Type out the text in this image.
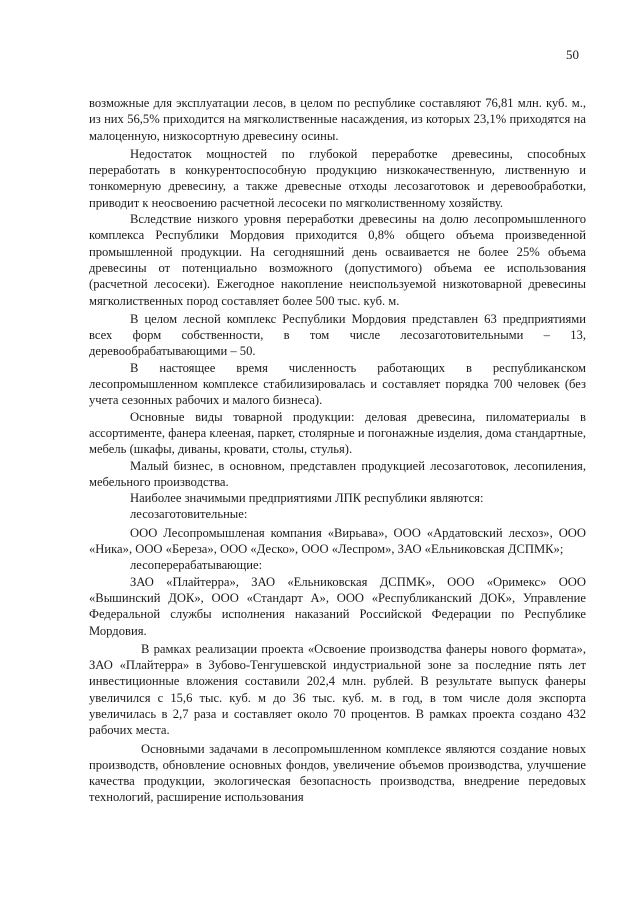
50

возможные для эксплуатации лесов, в целом по республике составляют 76,81 млн. куб. м., из них 56,5% приходится на мягколиственные насаждения, из которых 23,1% приходятся на малоценную, низкосортную древесину осины.

Недостаток мощностей по глубокой переработке древесины, способных переработать в конкурентоспособную продукцию низкокачественную, лиственную и тонкомерную древесину, а также древесные отходы лесозаготовок и деревообработки, приводит к неосвоению расчетной лесосеки по мягколиственному хозяйству.

Вследствие низкого уровня переработки древесины на долю лесопромышленного комплекса Республики Мордовия приходится 0,8% общего объема произведенной промышленной продукции. На сегодняшний день осваивается не более 25% объема древесины от потенциально возможного (допустимого) объема ее использования (расчетной лесосеки). Ежегодное накопление неиспользуемой низкотоварной древесины мягколиственных пород составляет более 500 тыс. куб. м.

В целом лесной комплекс Республики Мордовия представлен 63 предприятиями всех форм собственности, в том числе лесозаготовительными – 13, деревообрабатывающими – 50.

В настоящее время численность работающих в республиканском лесопромышленном комплексе стабилизировалась и составляет порядка 700 человек (без учета сезонных рабочих и малого бизнеса).

Основные виды товарной продукции: деловая древесина, пиломатериалы в ассортименте, фанера клееная, паркет, столярные и погонажные изделия, дома стандартные, мебель (шкафы, диваны, кровати, столы, стулья).

Малый бизнес, в основном, представлен продукцией лесозаготовок, лесопиления, мебельного производства.

Наиболее значимыми предприятиями ЛПК республики являются:

лесозаготовительные:

ООО Лесопромышленая компания «Вирьава», ООО «Ардатовский лесхоз», ООО «Ника», ООО «Береза», ООО «Деско», ООО «Леспром», ЗАО «Ельниковская ДСПМК»;

лесоперерабатывающие:

ЗАО «Плайтерра», ЗАО «Ельниковская ДСПМК», ООО «Оримекс» ООО «Вышинский ДОК», ООО «Стандарт А», ООО «Республиканский ДОК», Управление Федеральной службы исполнения наказаний Российской Федерации по Республике Мордовия.

В рамках реализации проекта «Освоение производства фанеры нового формата», ЗАО «Плайтерра» в Зубово-Тенгушевской индустриальной зоне за последние пять лет инвестиционные вложения составили 202,4 млн. рублей. В результате выпуск фанеры увеличился с 15,6 тыс. куб. м до 36 тыс. куб. м. в год, в том числе доля экспорта увеличилась в 2,7 раза и составляет около 70 процентов. В рамках проекта создано 432 рабочих места.

Основными задачами в лесопромышленном комплексе являются создание новых производств, обновление основных фондов, увеличение объемов производства, улучшение качества продукции, экологическая безопасность производства, внедрение передовых технологий, расширение использования
